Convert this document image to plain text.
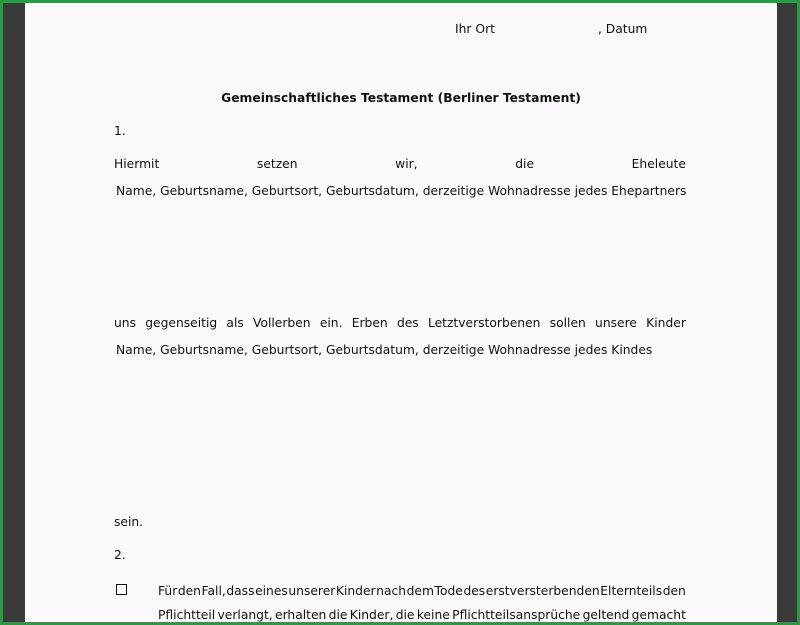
Ihr Ort	, Datum
Gemeinschaftliches Testament (Berliner Testament)
1.
Hiermit	setzen	wir,	die	Eheleute
Name, Geburtsname, Geburtsort, Geburtsdatum, derzeitige Wohnadresse jedes Ehepartners
uns gegenseitig als Vollerben ein. Erben des Letztverstorbenen sollen unsere Kinder
Name, Geburtsname, Geburtsort, Geburtsdatum, derzeitige Wohnadresse jedes Kindes
sein.
2.
Für den Fall, dass eines unserer Kinder nach dem Tode des erstversterbenden Elternteils den
Pflichtteil verlangt, erhalten die Kinder, die keine Pflichtteilsansprüche geltend gemacht
